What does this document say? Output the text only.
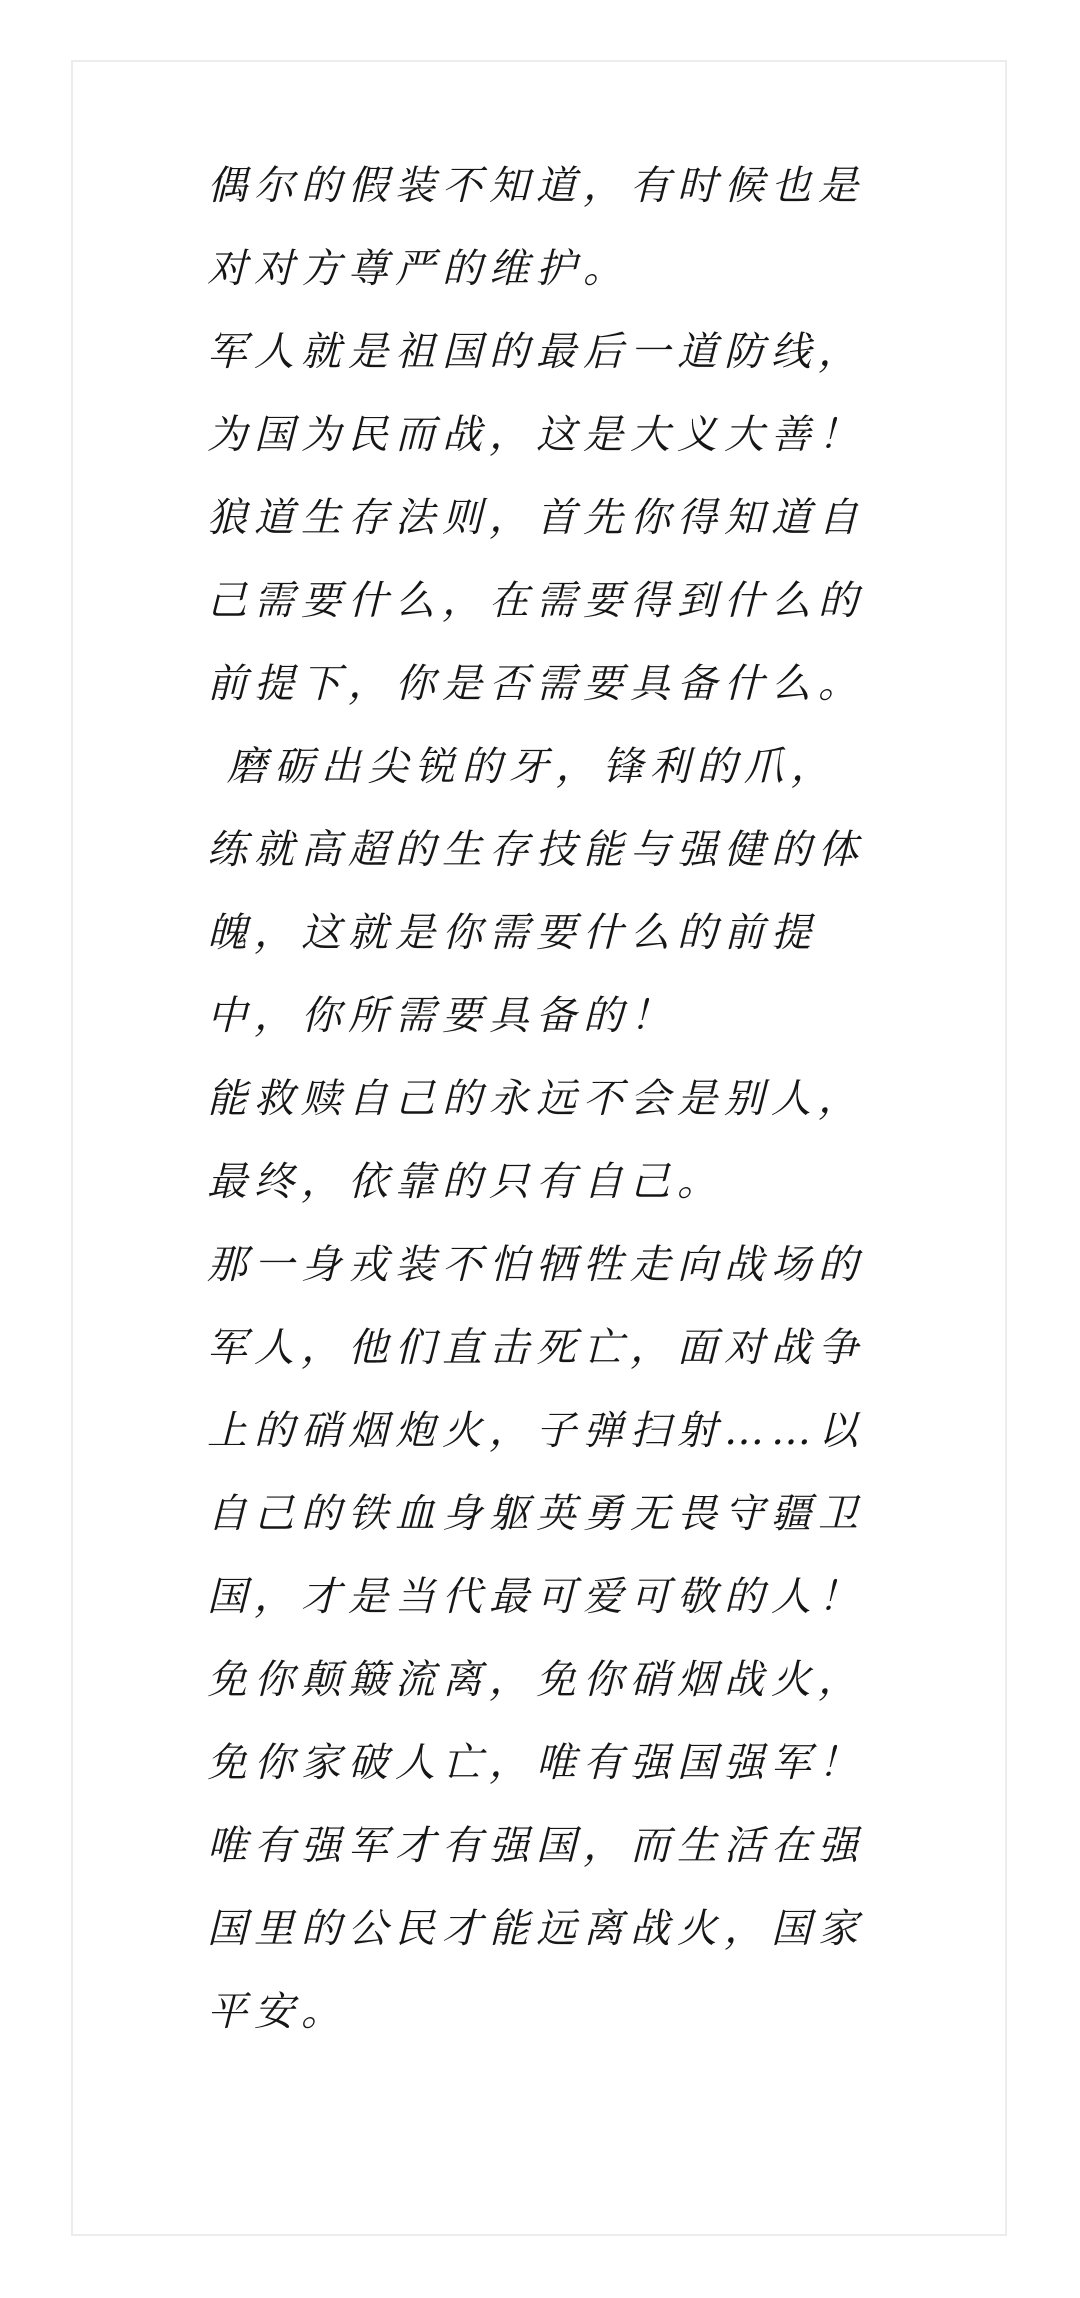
偶尔的假装不知道，有时候也是对对方尊严的维护。

军人就是祖国的最后一道防线，为国为民而战，这是大义大善！

狼道生存法则，首先你得知道自己需要什么，在需要得到什么的前提下，你是否需要具备什么。

磨砺出尖锐的牙，锋利的爪，练就高超的生存技能与强健的体魄，这就是你需要什么的前提中，你所需要具备的！

能救赎自己的永远不会是别人，最终，依靠的只有自己。

那一身戎装不怕牺牲走向战场的军人，他们直击死亡，面对战争上的硝烟炮火，子弹扫射……以自己的铁血身躯英勇无畏守疆卫国，才是当代最可爱可敬的人！

免你颠簸流离，免你硝烟战火，免你家破人亡，唯有强国强军！

唯有强军才有强国，而生活在强国里的公民才能远离战火，国家平安。
